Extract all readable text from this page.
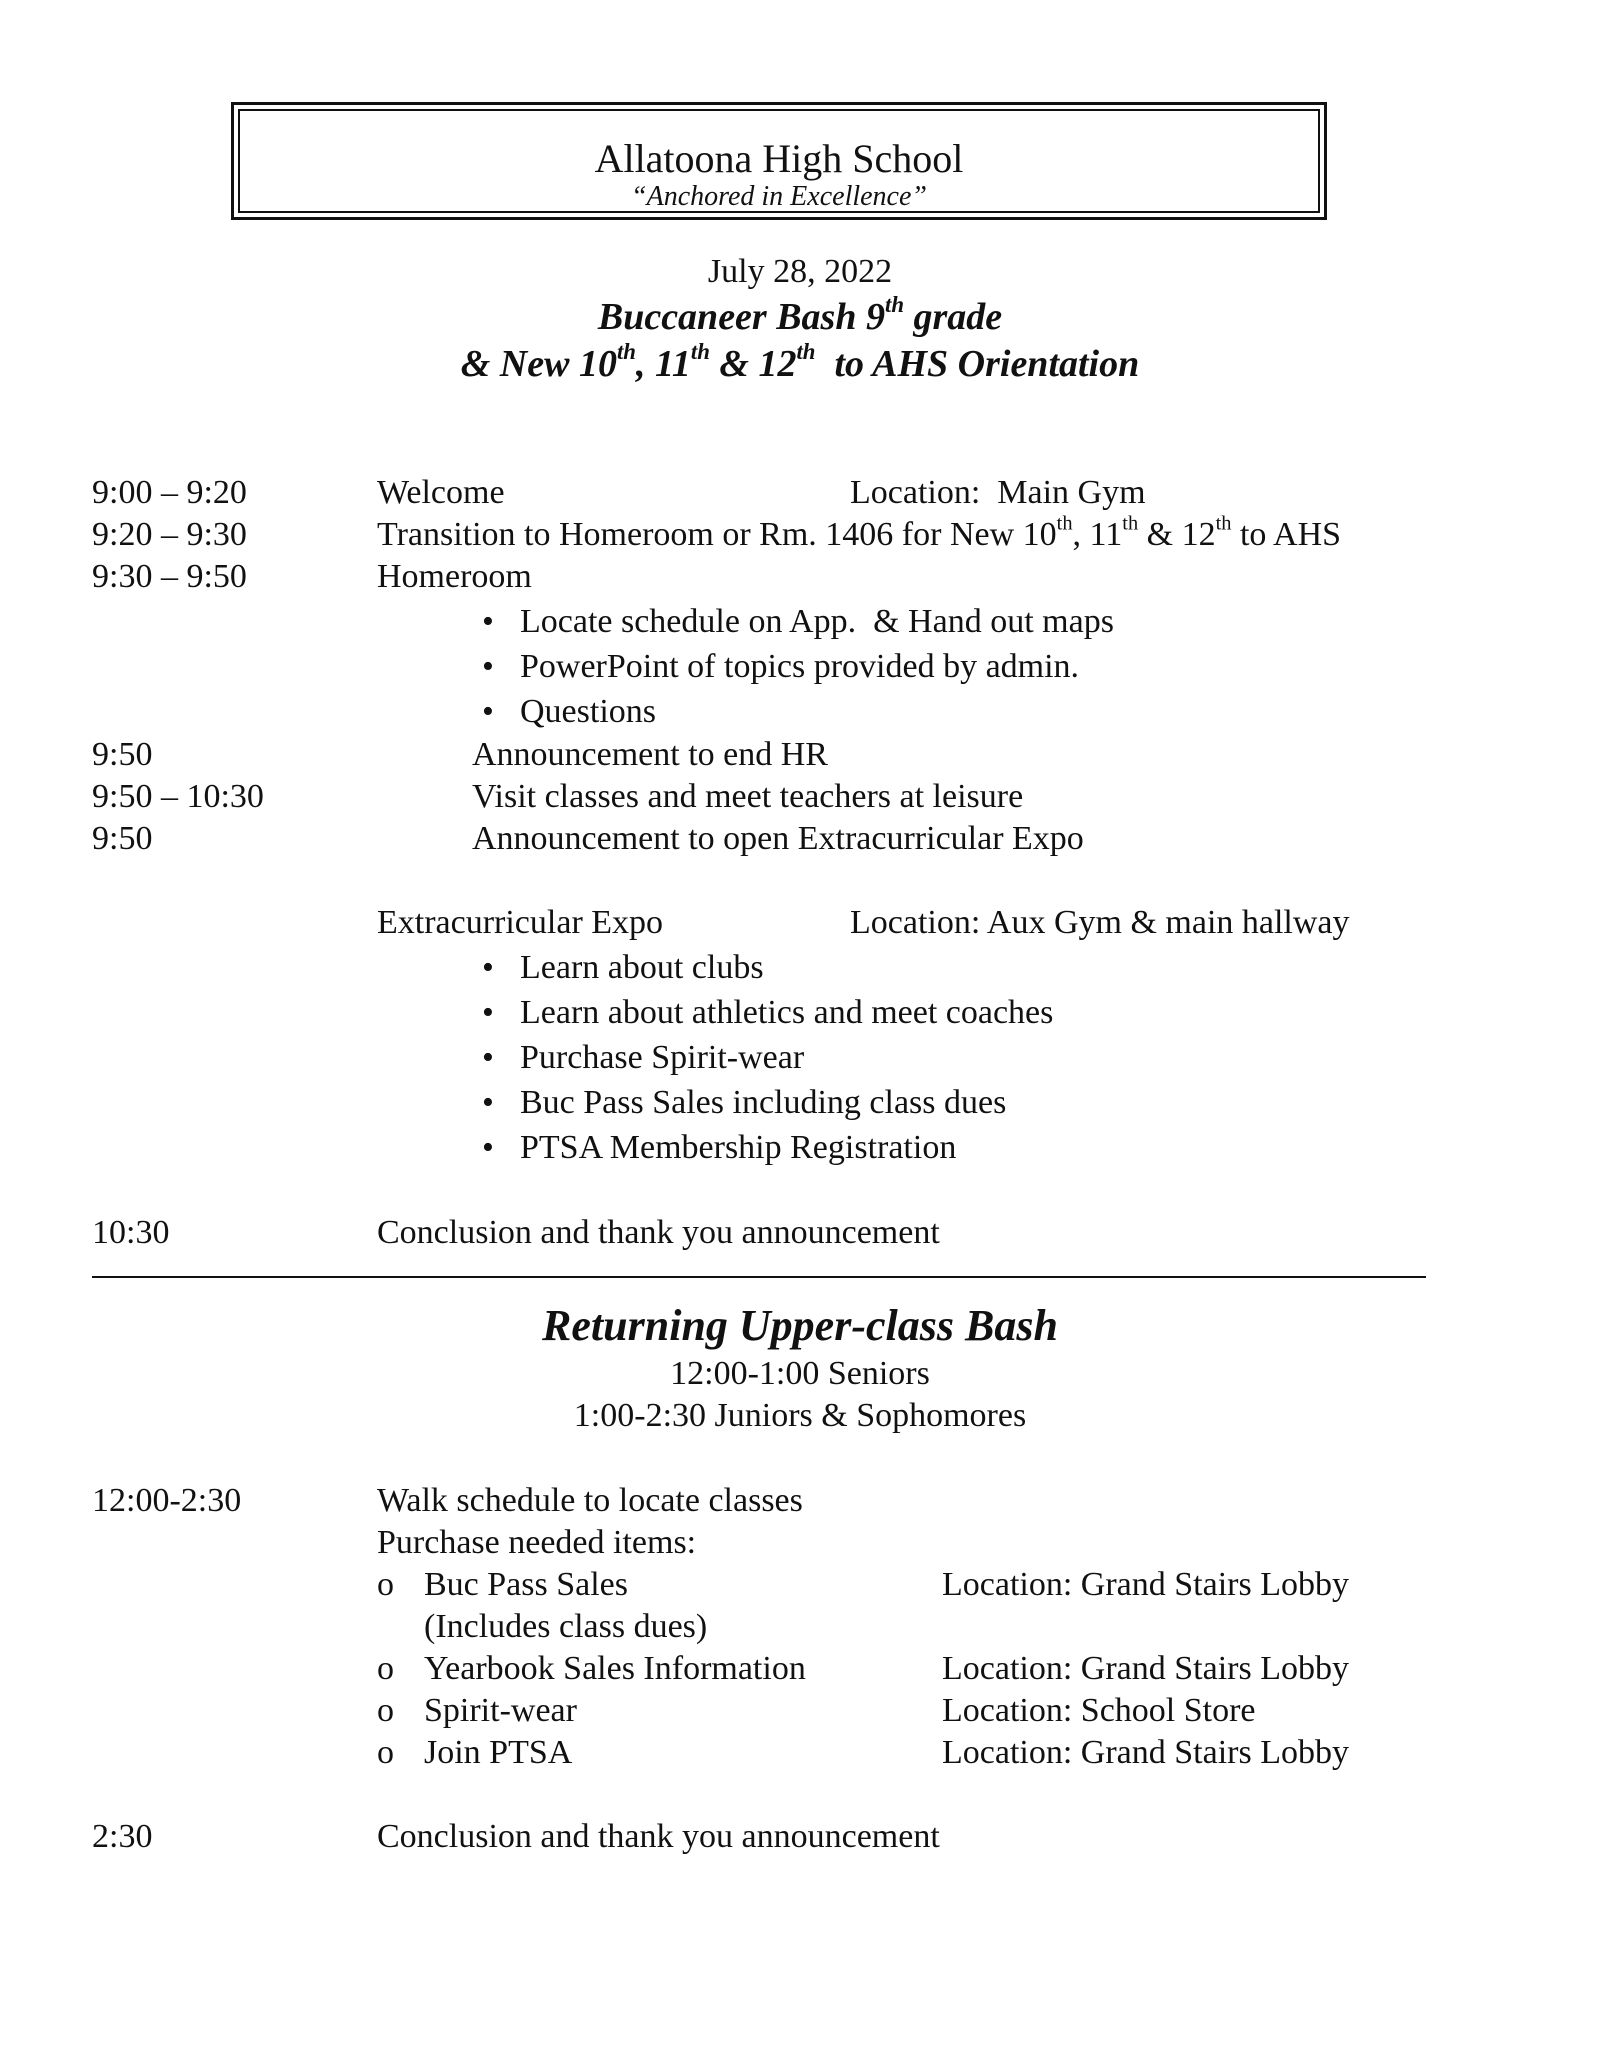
Allatoona High School
“Anchored in Excellence”
July 28, 2022
Buccaneer Bash 9th grade
& New 10th, 11th & 12th  to AHS Orientation
9:00 – 9:20	Welcome	Location:  Main Gym
9:20 – 9:30	Transition to Homeroom or Rm. 1406 for New 10th, 11th & 12th to AHS
9:30 – 9:50	Homeroom
• Locate schedule on App.  & Hand out maps
• PowerPoint of topics provided by admin.
• Questions
9:50	Announcement to end HR
9:50 – 10:30	Visit classes and meet teachers at leisure
9:50	Announcement to open Extracurricular Expo
Extracurricular Expo	Location: Aux Gym & main hallway
• Learn about clubs
• Learn about athletics and meet coaches
• Purchase Spirit-wear
• Buc Pass Sales including class dues
• PTSA Membership Registration
10:30	Conclusion and thank you announcement
Returning Upper-class Bash
12:00-1:00 Seniors
1:00-2:30 Juniors & Sophomores
12:00-2:30	Walk schedule to locate classes
Purchase needed items:
o Buc Pass Sales	Location: Grand Stairs Lobby
(Includes class dues)
o Yearbook Sales Information	Location: Grand Stairs Lobby
o Spirit-wear	Location: School Store
o Join PTSA	Location: Grand Stairs Lobby
2:30	Conclusion and thank you announcement
